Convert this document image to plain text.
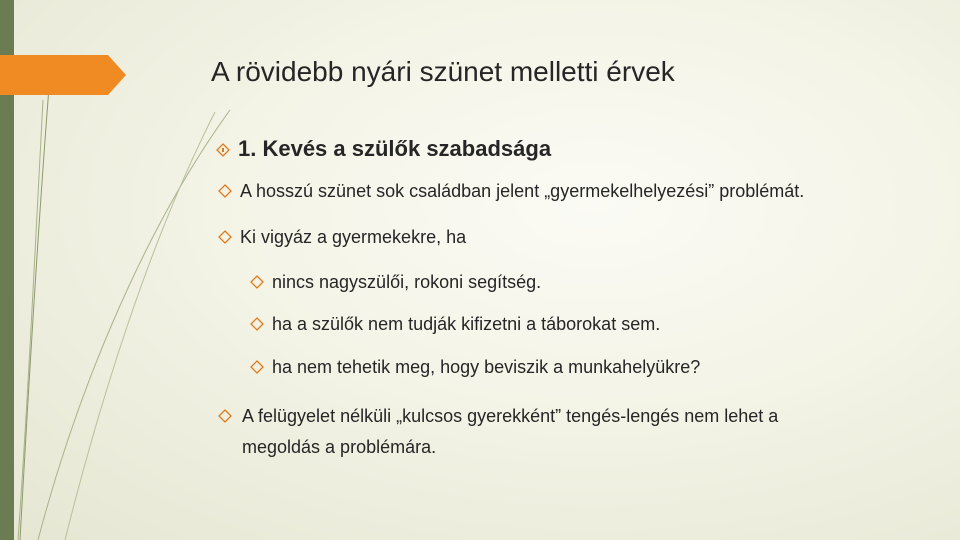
A rövidebb nyári szünet melletti érvek
1. Kevés a szülők szabadsága
A hosszú szünet sok családban jelent „gyermekelhelyezési” problémát.
Ki vigyáz a gyermekekre, ha
nincs nagyszülői, rokoni segítség.
ha a szülők nem tudják kifizetni a táborokat sem.
ha nem tehetik meg, hogy beviszik a munkahelyükre?
A felügyelet nélküli „kulcsos gyerekként” tengés-lengés nem lehet a megoldás a problémára.
